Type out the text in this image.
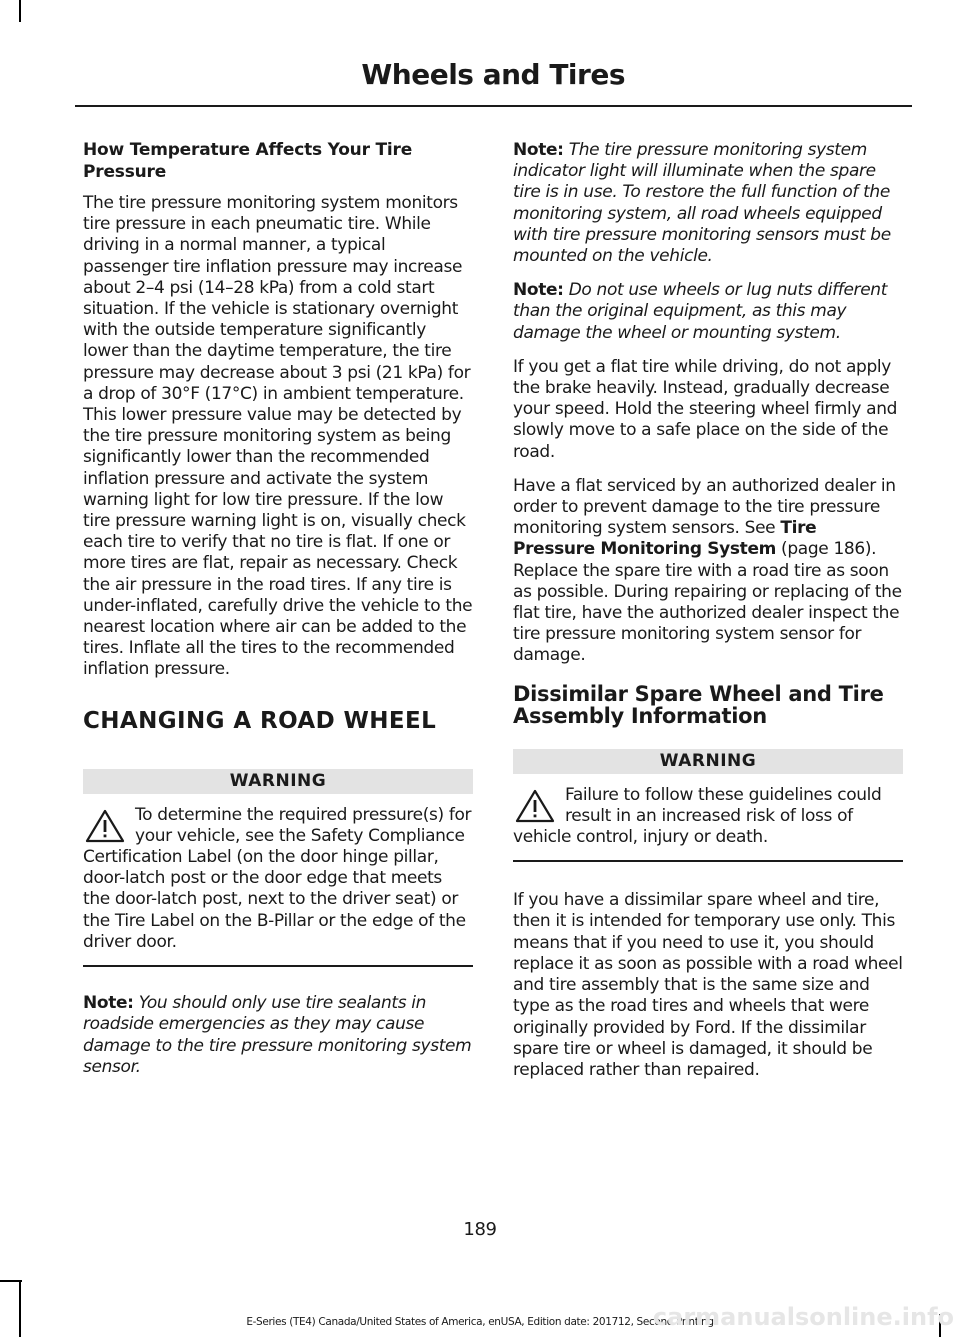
Wheels and Tires
How Temperature Affects Your Tire Pressure

The tire pressure monitoring system monitors tire pressure in each pneumatic tire. While driving in a normal manner, a typical passenger tire inflation pressure may increase about 2–4 psi (14–28 kPa) from a cold start situation. If the vehicle is stationary overnight with the outside temperature significantly lower than the daytime temperature, the tire pressure may decrease about 3 psi (21 kPa) for a drop of 30°F (17°C) in ambient temperature. This lower pressure value may be detected by the tire pressure monitoring system as being significantly lower than the recommended inflation pressure and activate the system warning light for low tire pressure. If the low tire pressure warning light is on, visually check each tire to verify that no tire is flat. If one or more tires are flat, repair as necessary. Check the air pressure in the road tires. If any tire is under-inflated, carefully drive the vehicle to the nearest location where air can be added to the tires. Inflate all the tires to the recommended inflation pressure.

CHANGING A ROAD WHEEL
WARNING
To determine the required pressure(s) for your vehicle, see the Safety Compliance Certification Label (on the door hinge pillar, door-latch post or the door edge that meets the door-latch post, next to the driver seat) or the Tire Label on the B-Pillar or the edge of the driver door.

Note: You should only use tire sealants in roadside emergencies as they may cause damage to the tire pressure monitoring system sensor.

Note: The tire pressure monitoring system indicator light will illuminate when the spare tire is in use. To restore the full function of the monitoring system, all road wheels equipped with tire pressure monitoring sensors must be mounted on the vehicle.

Note: Do not use wheels or lug nuts different than the original equipment, as this may damage the wheel or mounting system.

If you get a flat tire while driving, do not apply the brake heavily. Instead, gradually decrease your speed. Hold the steering wheel firmly and slowly move to a safe place on the side of the road.

Have a flat serviced by an authorized dealer in order to prevent damage to the tire pressure monitoring system sensors. See Tire Pressure Monitoring System (page 186). Replace the spare tire with a road tire as soon as possible. During repairing or replacing of the flat tire, have the authorized dealer inspect the tire pressure monitoring system sensor for damage.

Dissimilar Spare Wheel and Tire Assembly Information
WARNING
Failure to follow these guidelines could result in an increased risk of loss of vehicle control, injury or death.

If you have a dissimilar spare wheel and tire, then it is intended for temporary use only. This means that if you need to use it, you should replace it as soon as possible with a road wheel and tire assembly that is the same size and type as the road tires and wheels that were originally provided by Ford. If the dissimilar spare tire or wheel is damaged, it should be replaced rather than repaired.

189

E-Series (TE4) Canada/United States of America, enUSA, Edition date: 201712, Second Printing

carmanualsonline.info
